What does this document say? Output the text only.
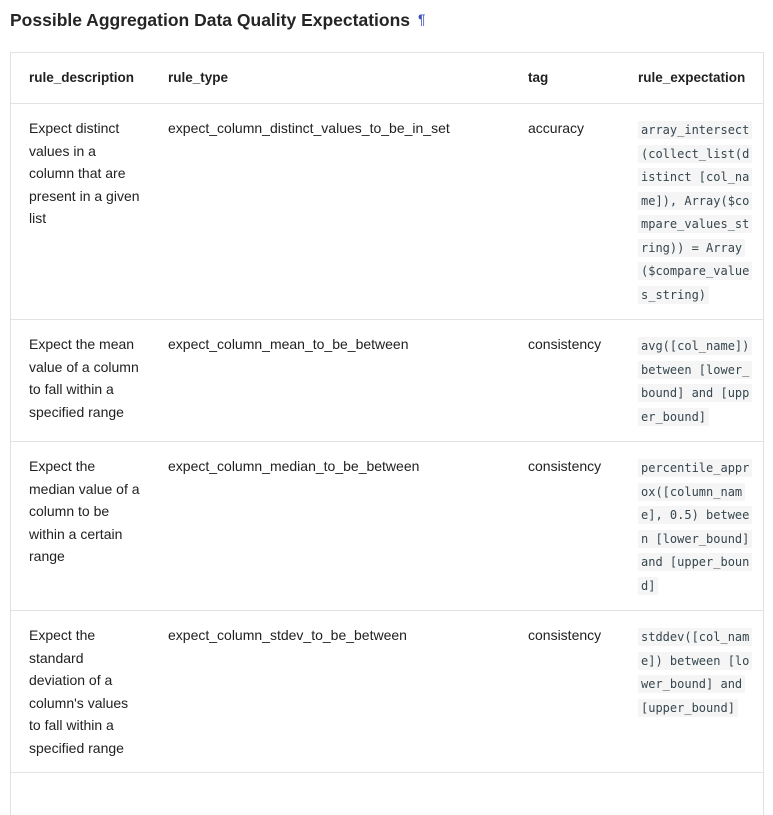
Possible Aggregation Data Quality Expectations ¶
rule_description	rule_type	tag	rule_expectation
Expect distinct values in a column that are present in a given list	expect_column_distinct_values_to_be_in_set	accuracy	array_intersect(collect_list(distinct [col_name]), Array($compare_values_string)) = Array($compare_values_string)
Expect the mean value of a column to fall within a specified range	expect_column_mean_to_be_between	consistency	avg([col_name]) between [lower_bound] and [upper_bound]
Expect the median value of a column to be within a certain range	expect_column_median_to_be_between	consistency	percentile_approx([column_name], 0.5) between [lower_bound] and [upper_bound]
Expect the standard deviation of a column's values to fall within a specified range	expect_column_stdev_to_be_between	consistency	stddev([col_name]) between [lower_bound] and [upper_bound]
